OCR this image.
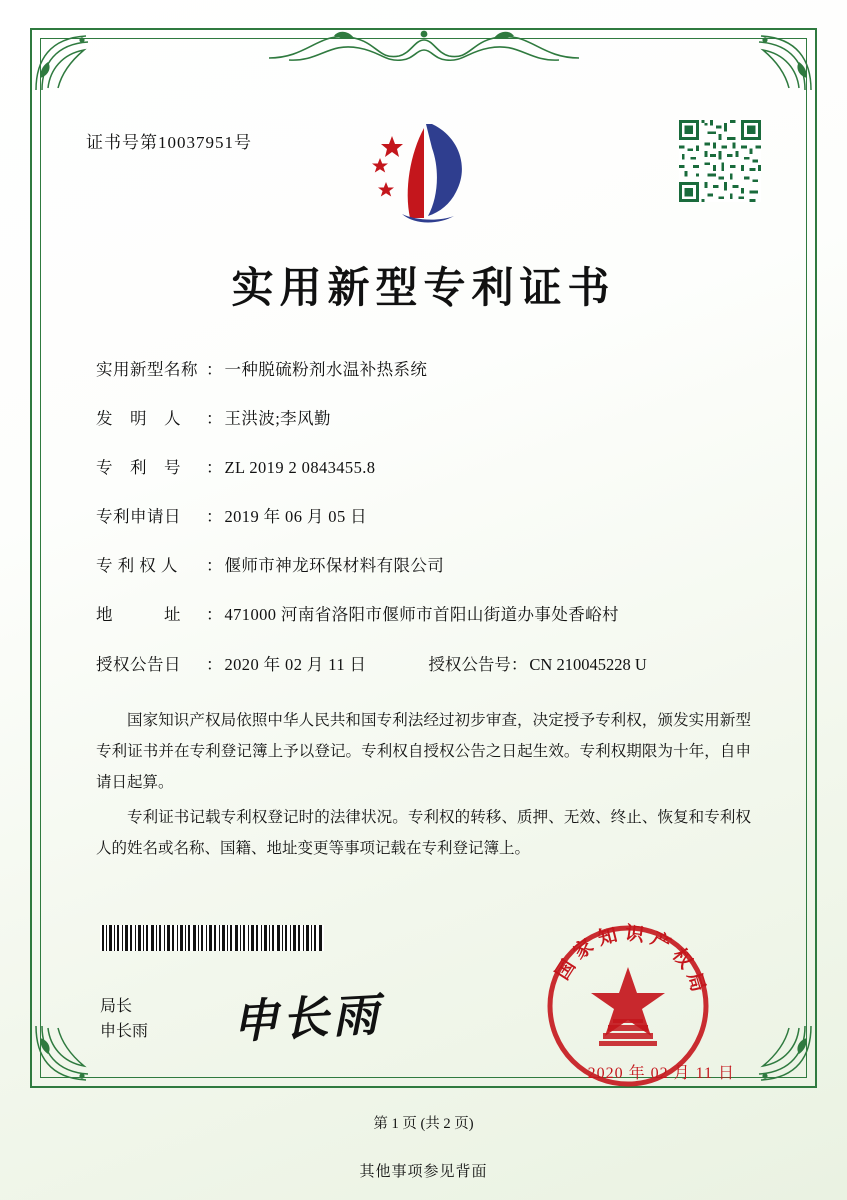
证书号第10037951号
实用新型专利证书
实用新型名称 ： 一种脱硫粉剂水温补热系统
发　明　人	： 王洪波;李风勤
专　利　号	： ZL 2019 2 0843455.8
专利申请日	： 2019 年 06 月 05 日
专 利 权 人	： 偃师市神龙环保材料有限公司
地　　　址	： 471000 河南省洛阳市偃师市首阳山街道办事处香峪村
授权公告日	： 2020 年 02 月 11 日	授权公告号 ： CN 210045228 U

国家知识产权局依照中华人民共和国专利法经过初步审查，决定授予专利权，颁发实用新型专利证书并在专利登记簿上予以登记。专利权自授权公告之日起生效。专利权期限为十年，自申请日起算。

专利证书记载专利权登记时的法律状况。专利权的转移、质押、无效、终止、恢复和专利权人的姓名或名称、国籍、地址变更等事项记载在专利登记簿上。

局长
申长雨 申长雨
国家知识产权局
2020 年 02 月 11 日
第 1 页 (共 2 页)
其他事项参见背面
